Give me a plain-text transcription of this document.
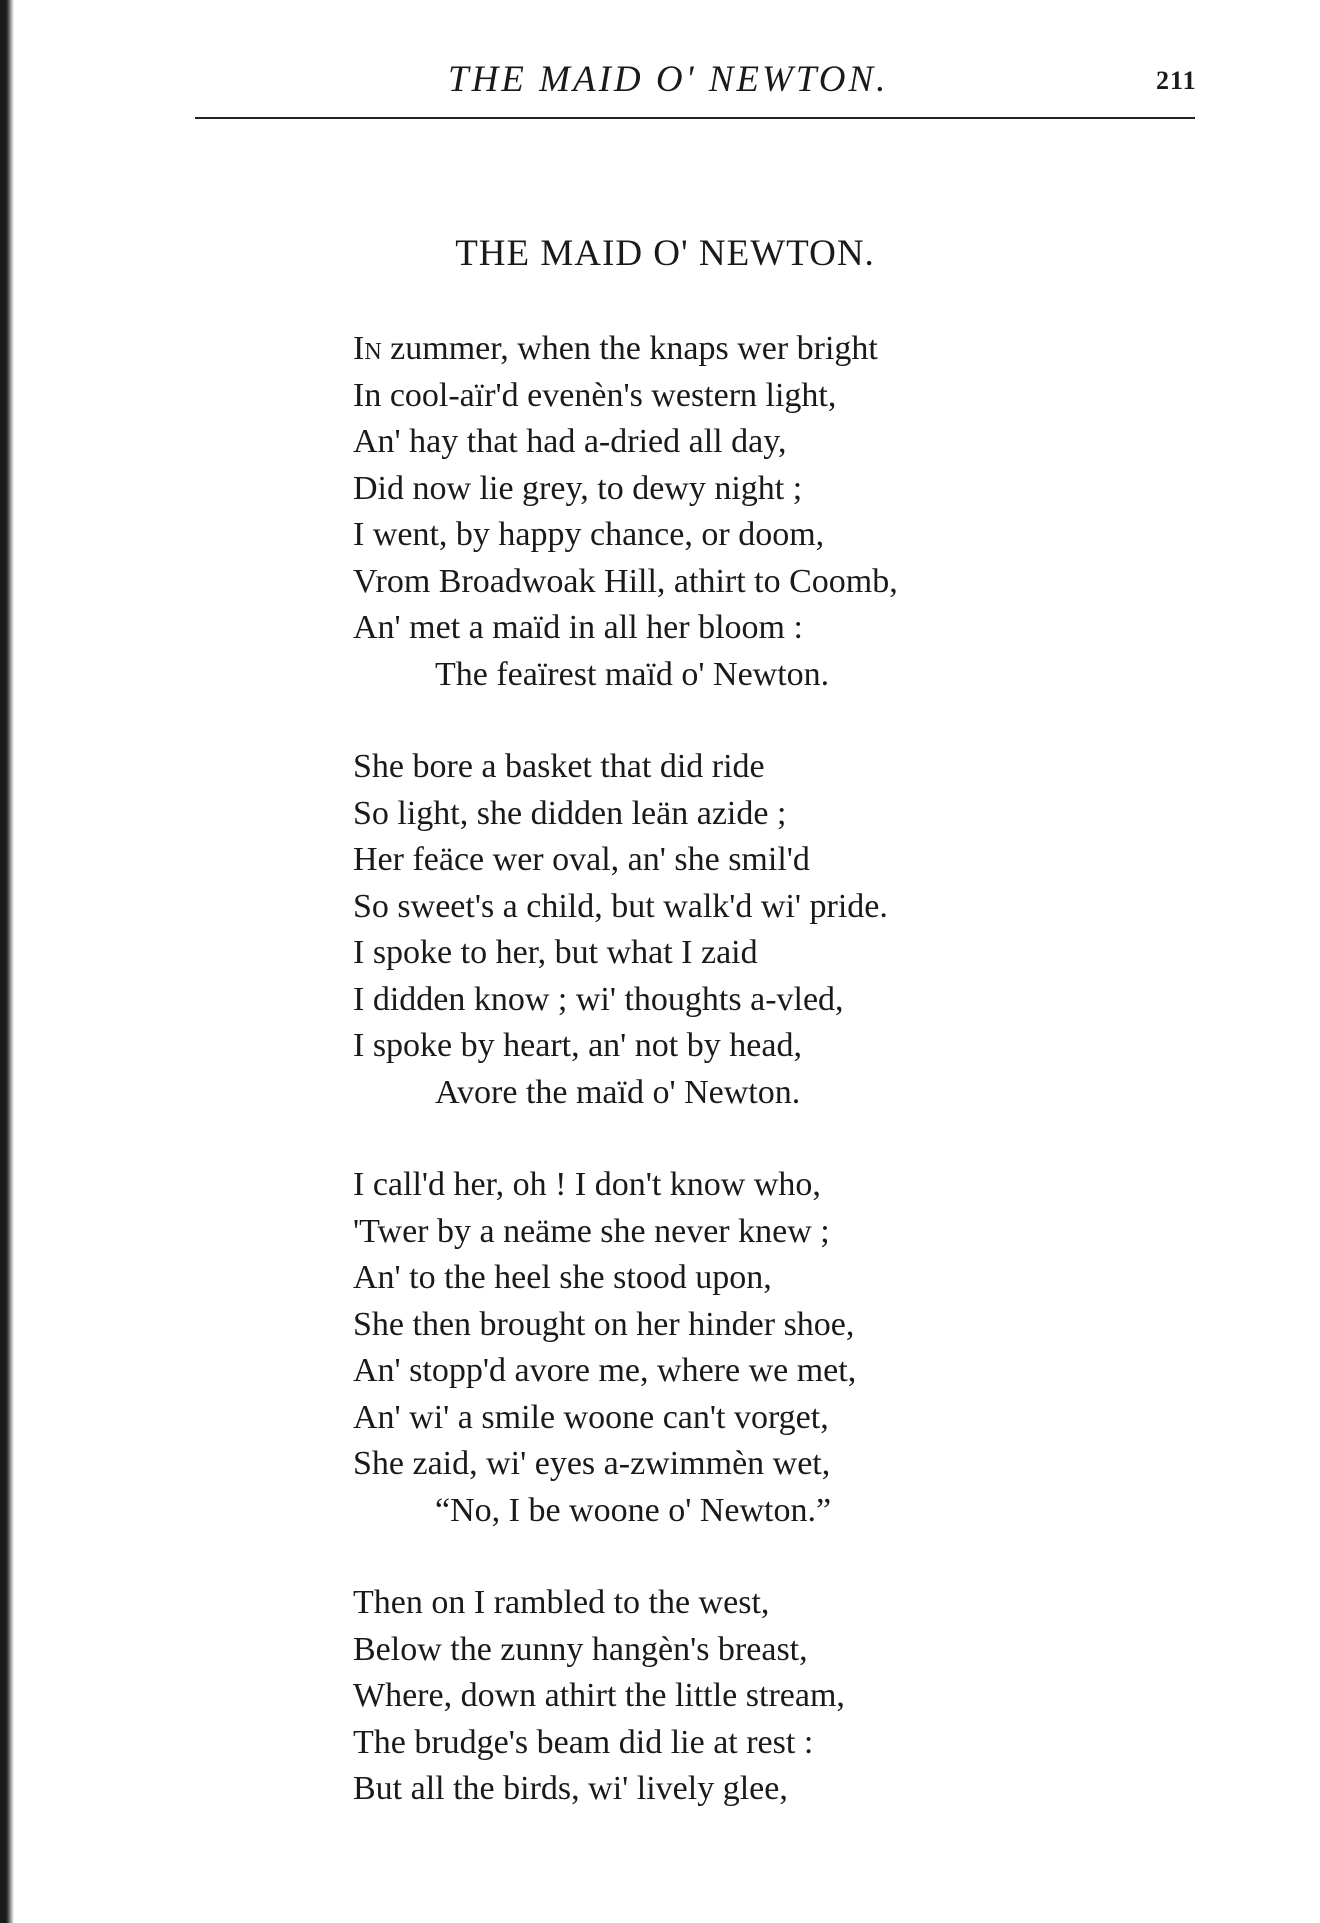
THE MAID O' NEWTON.	211
THE MAID O' NEWTON.
In zummer, when the knaps wer bright
In cool-aïr'd evenèn's western light,
An' hay that had a-dried all day,
Did now lie grey, to dewy night ;
I went, by happy chance, or doom,
Vrom Broadwoak Hill, athirt to Coomb,
An' met a maïd in all her bloom :
The feaïrest maïd o' Newton.
She bore a basket that did ride
So light, she didden leän azide ;
Her feäce wer oval, an' she smil'd
So sweet's a child, but walk'd wi' pride.
I spoke to her, but what I zaid
I didden know ; wi' thoughts a-vled,
I spoke by heart, an' not by head,
Avore the maïd o' Newton.
I call'd her, oh ! I don't know who,
'Twer by a neäme she never knew ;
An' to the heel she stood upon,
She then brought on her hinder shoe,
An' stopp'd avore me, where we met,
An' wi' a smile woone can't vorget,
She zaid, wi' eyes a-zwimmèn wet,
“No, I be woone o' Newton.”
Then on I rambled to the west,
Below the zunny hangèn's breast,
Where, down athirt the little stream,
The brudge's beam did lie at rest :
But all the birds, wi' lively glee,
